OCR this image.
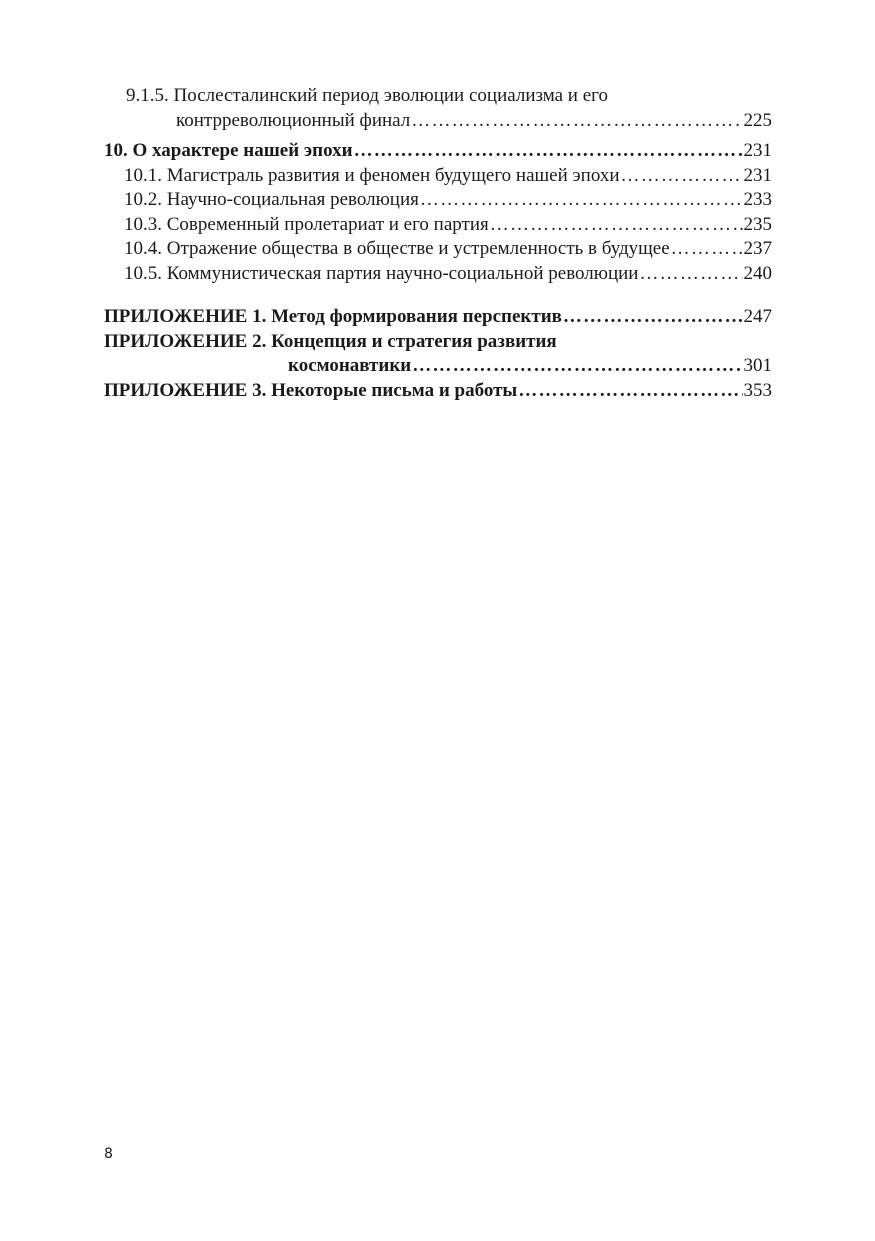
9.1.5. Послесталинский период эволюции социализма и его
контрреволюционный финал …………………………………………………………………………………………………………………………………………………………………………………………	225
10. О характере нашей эпохи …………………………………………………………………………………………………………………………………………………………………………………………	231
10.1. Магистраль развития и феномен будущего нашей эпохи …………………………………………………………………………………………………………………………………………………………………………………………	231
10.2. Научно-социальная революция …………………………………………………………………………………………………………………………………………………………………………………………	233
10.3. Современный пролетариат и его партия …………………………………………………………………………………………………………………………………………………………………………………………	235
10.4. Отражение общества в обществе и устремленность в будущее …………………………………………………………………………………………………………………………………………………………………………………………	237
10.5. Коммунистическая партия научно-социальной революции …………………………………………………………………………………………………………………………………………………………………………………………	240
ПРИЛОЖЕНИЕ 1. Метод формирования перспектив …………………………………………………………………………………………………………………………………………………………………………………………	247
ПРИЛОЖЕНИЕ 2. Концепция и стратегия развития
космонавтики …………………………………………………………………………………………………………………………………………………………………………………………	301
ПРИЛОЖЕНИЕ 3. Некоторые письма и работы …………………………………………………………………………………………………………………………………………………………………………………………	353
8
